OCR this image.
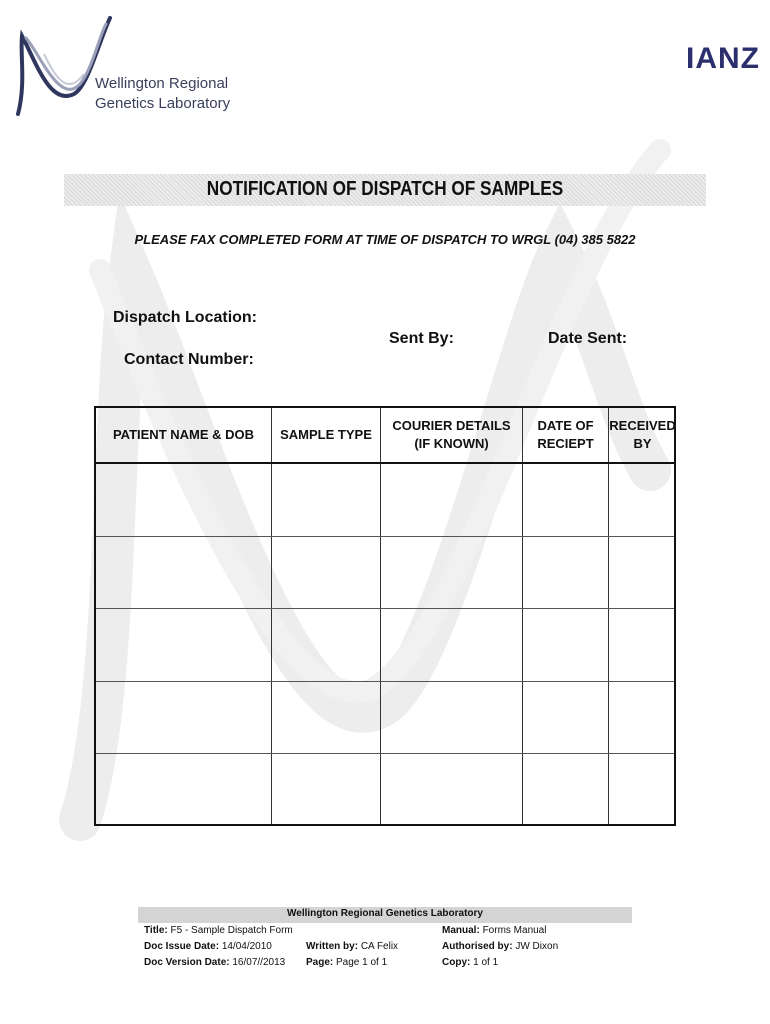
Wellington Regional
Genetics Laboratory
IANZ
NOTIFICATION OF DISPATCH OF SAMPLES
PLEASE FAX COMPLETED FORM AT TIME OF DISPATCH TO WRGL (04) 385 5822
Dispatch Location:
Contact Number:
Sent By:	Date Sent:
PATIENT NAME & DOB SAMPLE TYPE
COURIER DETAILS
(IF KNOWN)
DATE OF
RECIEPT
RECEIVED
BY
Wellington Regional Genetics Laboratory
Title: F5 - Sample Dispatch Form
Doc Issue Date: 14/04/2010
Doc Version Date: 16/07//2013
Written by: CA Felix
Page: Page 1 of 1
Manual: Forms Manual
Authorised by: JW Dixon
Copy: 1 of 1
